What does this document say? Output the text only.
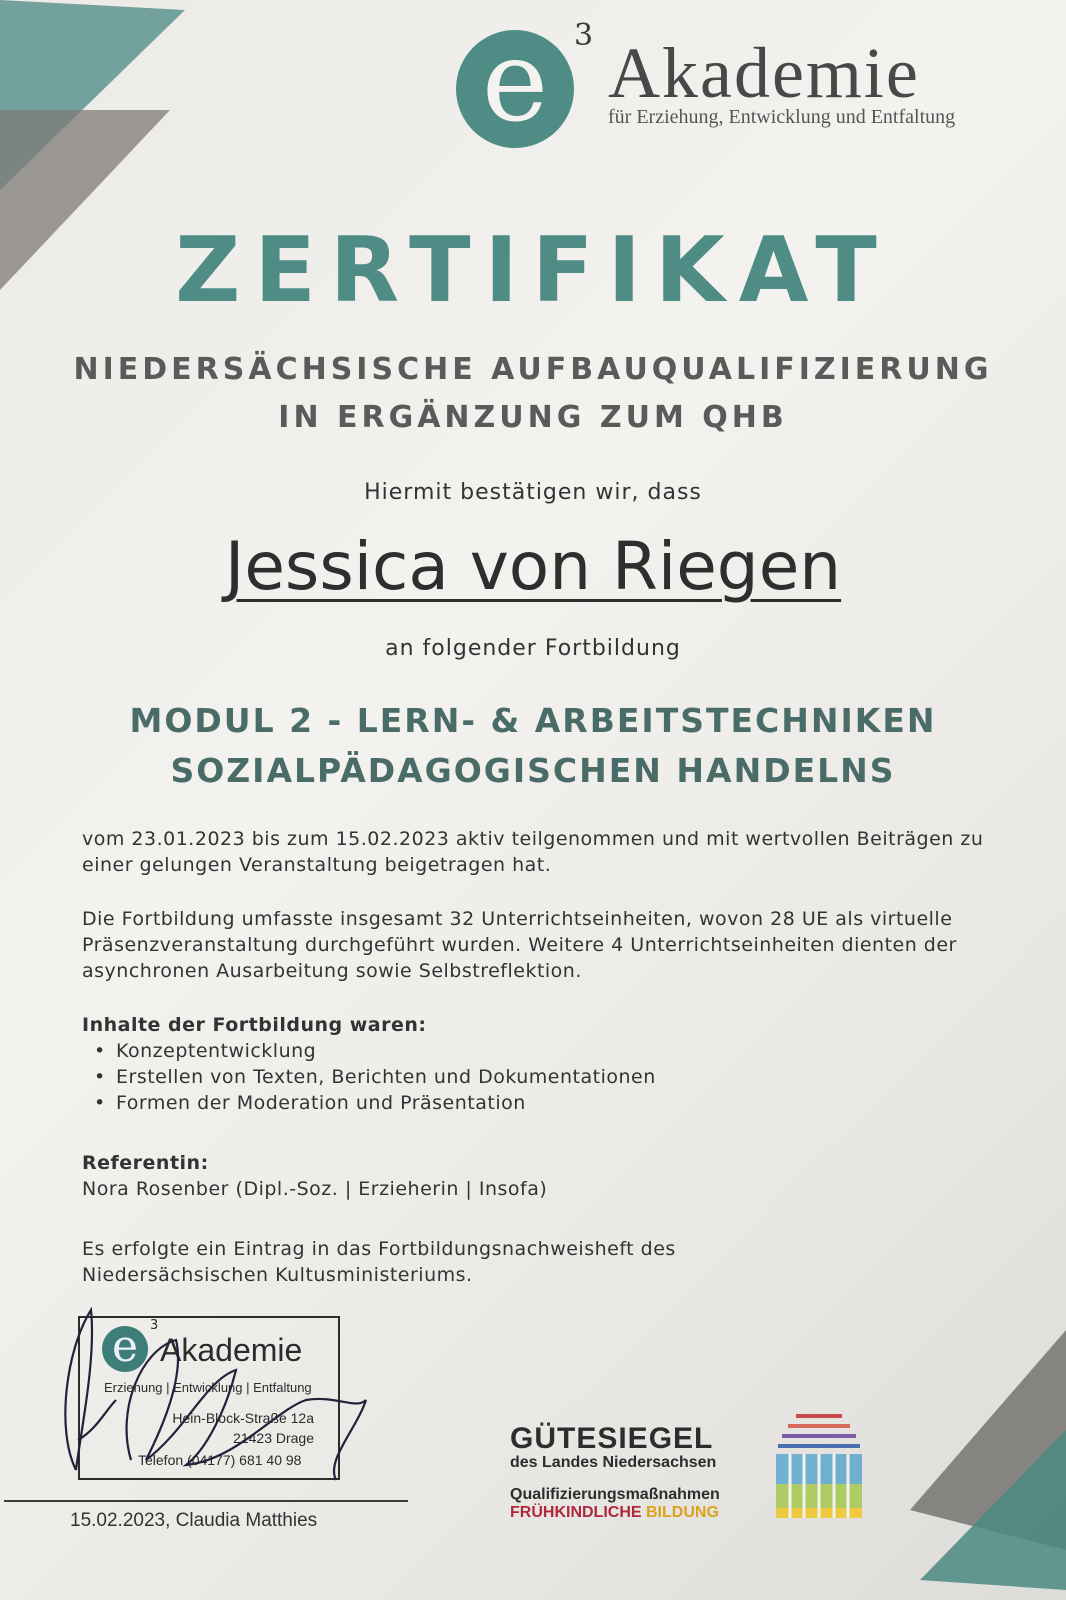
e 3 Akademie
für Erziehung, Entwicklung und Entfaltung
ZERTIFIKAT
NIEDERSÄCHSISCHE AUFBAUQUALIFIZIERUNG
IN ERGÄNZUNG ZUM QHB
Hiermit bestätigen wir, dass
Jessica von Riegen
an folgender Fortbildung
MODUL 2 - LERN- & ARBEITSTECHNIKEN
SOZIALPÄDAGOGISCHEN HANDELNS
vom 23.01.2023 bis zum 15.02.2023 aktiv teilgenommen und mit wertvollen Beiträgen zu einer gelungen Veranstaltung beigetragen hat.
Die Fortbildung umfasste insgesamt 32 Unterrichtseinheiten, wovon 28 UE als virtuelle Präsenzveranstaltung durchgeführt wurden. Weitere 4 Unterrichtseinheiten dienten der asynchronen Ausarbeitung sowie Selbstreflektion.
Inhalte der Fortbildung waren:
• Konzeptentwicklung
• Erstellen von Texten, Berichten und Dokumentationen
• Formen der Moderation und Präsentation
Referentin:
Nora Rosenber (Dipl.-Soz. | Erzieherin | Insofa)
Es erfolgte ein Eintrag in das Fortbildungsnachweisheft des Niedersächsischen Kultusministeriums.
e 3
Akademie
Erziehung | Entwicklung | Entfaltung
Hein-Block-Straße 12a
21423 Drage
Telefon (04177) 681 40 98
15.02.2023, Claudia Matthies
GÜTESIEGEL
des Landes Niedersachsen
Qualifizierungsmaßnahmen
FRÜHKINDLICHE BILDUNG
